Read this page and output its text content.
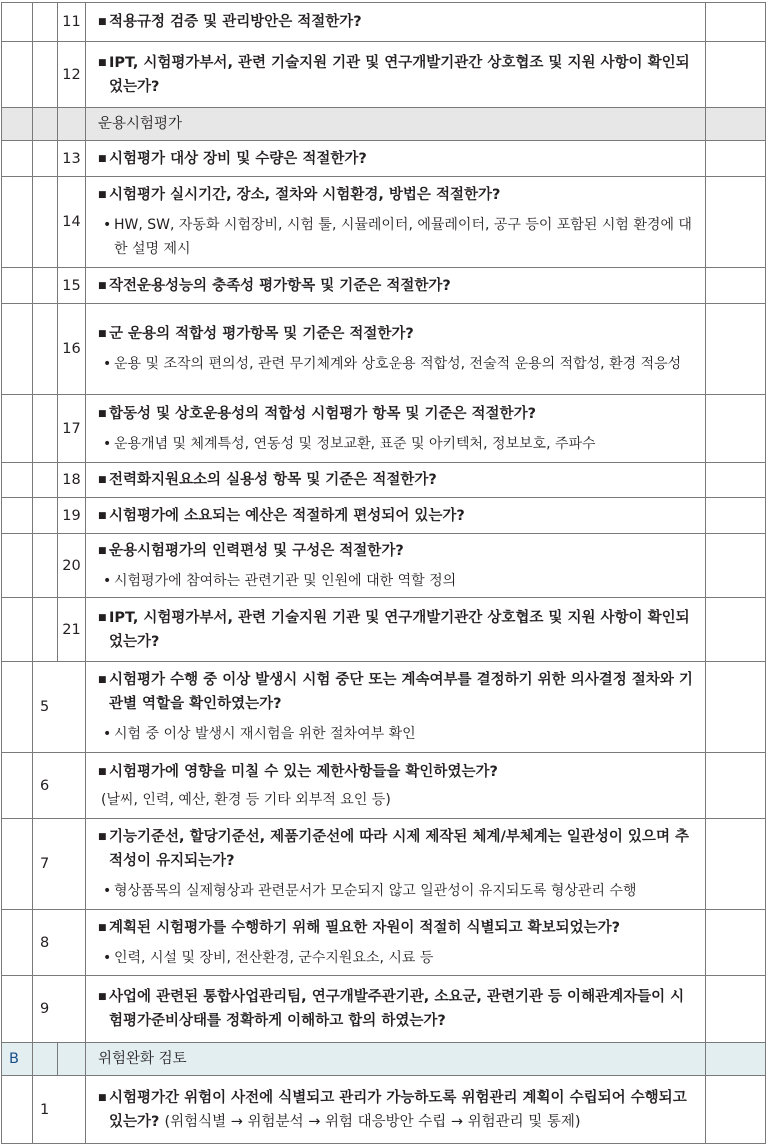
		11	■ 적용규정 검증 및 관리방안은 적절한가?

		12	■ IPT, 시험평가부서, 관련 기술지원 기관 및 연구개발기관간 상호협조 및 지원 사항이 확인되었는가?

			운용시험평가	
		13	■ 시험평가 대상 장비 및 수량은 적절한가?

		14	■ 시험평가 실시기간, 장소, 절차와 시험환경, 방법은 적절한가?
• HW, SW, 자동화 시험장비, 시험 툴, 시뮬레이터, 에뮬레이터, 공구 등이 포함된 시험 환경에 대한 설명 제시

		15	■ 작전운용성능의 충족성 평가항목 및 기준은 적절한가?

		16	■ 군 운용의 적합성 평가항목 및 기준은 적절한가?
• 운용 및 조작의 편의성, 관련 무기체계와 상호운용 적합성, 전술적 운용의 적합성, 환경 적응성

		17	■ 합동성 및 상호운용성의 적합성 시험평가 항목 및 기준은 적절한가?
• 운용개념 및 체계특성, 연동성 및 정보교환, 표준 및 아키텍처, 정보보호, 주파수

		18	■ 전력화지원요소의 실용성 항목 및 기준은 적절한가?

		19	■ 시험평가에 소요되는 예산은 적절하게 편성되어 있는가?

		20	■ 운용시험평가의 인력편성 및 구성은 적절한가?
• 시험평가에 참여하는 관련기관 및 인원에 대한 역할 정의

		21	■ IPT, 시험평가부서, 관련 기술지원 기관 및 연구개발기관간 상호협조 및 지원 사항이 확인되었는가?

	5		■ 시험평가 수행 중 이상 발생시 시험 중단 또는 계속여부를 결정하기 위한 의사결정 절차와 기관별 역할을 확인하였는가?
• 시험 중 이상 발생시 재시험을 위한 절차여부 확인

	6		■ 시험평가에 영향을 미칠 수 있는 제한사항들을 확인하였는가?
(날씨, 인력, 예산, 환경 등 기타 외부적 요인 등)

	7		■ 기능기준선, 할당기준선, 제품기준선에 따라 시제 제작된 체계/부체계는 일관성이 있으며 추적성이 유지되는가?
• 형상품목의 실제형상과 관련문서가 모순되지 않고 일관성이 유지되도록 형상관리 수행

	8		■ 계획된 시험평가를 수행하기 위해 필요한 자원이 적절히 식별되고 확보되었는가?
• 인력, 시설 및 장비, 전산환경, 군수지원요소, 시료 등

	9		■ 사업에 관련된 통합사업관리팀, 연구개발주관기관, 소요군, 관련기관 등 이해관계자들이 시험평가준비상태를 정확하게 이해하고 합의 하였는가?

B			위험완화 검토	
	1		■ 시험평가간 위험이 사전에 식별되고 관리가 가능하도록 위험관리 계획이 수립되어 수행되고 있는가? (위험식별 → 위험분석 → 위험 대응방안 수립 → 위험관리 및 통제)
